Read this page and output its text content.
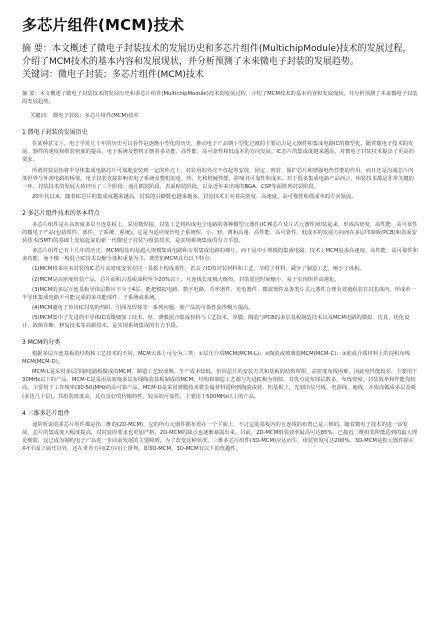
多芯片组件(MCM)技术

摘 要：本文概述了微电子封装技术的发展历史和多芯片组件(MultichipModule)技术的发展过程，介绍了MCM技术的基本内容和发展现状，并分析预测了未来微电子封装的发展趋势。

关键词：微电子封装；多芯片组件(MCM)技术

摘 要：本文概述了微电子封装技术的发展历史和多芯片组件(MultichipModule)技术的发展过程，介绍了MCM技术的基本内容和发展现状，并分析预测了未来微电子封装的发展趋势。

关键词： 微电子封装；多芯片组件(MCM)技术

1 微电子封装的发展历史

在某种意义上，电子学近几十年的历史可以看作是逐渐小型化的历史，推动电子产品朝小型化过渡的主要动力是元器件和集成电路IC的微型化。随着微电子技术的发展，器件的速度和组装密度的提高，电子系统及整机正朝着多功能、高性能、高可靠性和低成本的方向发展。IC芯片的集成度越来越高，对微电子封装技术提出了更高的要求。

所谓封装是指将半导体集成电路芯片可靠地安装到一定的外壳上，封装用的外壳不仅起着安放、固定、密封、保护芯片和增强电热性能的作用，而且还是沟通芯片内部世界与外部电路的桥梁。电子封装直接影响着电子系统及整机的电、热、光和机械性能，影响其可靠性和成本。对于很多集成电路产品而言，组装技术都是非常关键的一环。封装技术的发展大致经历了三个阶段：通孔插装阶段，表面贴装阶段，以及近年来出现的BGA、CSP等面阵列封装阶段。

20年代以来，随着IC芯片的集成度越来越高，封装的引脚数也越来越多，封装技术正向着高密度、高速度、高可靠性和低成本的方向发展。

2 多芯片组件技术的基本特点

多芯片组件是在高密度多层互连基板上，采用微焊接、封装工艺将构成电子电路的各种微型元器件(IC裸芯片及片式元器件)组装起来，形成高密度、高性能、高可靠性的微电子产品(包括组件、部件、子系统、系统)。它是为适应现代电子系统短、小、轻、薄和高速、高性能、高可靠性、低成本的发展方向而在多层印制板(PCB)和表面安装技术(SMT)的基础上发展起来的新一代微电子封装与组装技术，是实现系统集成的有力手段。

多芯片组件已有十几年的历史，MCM组装的是超大规模集成电路和专用集成电路的裸片，而不是中小规模的集成电路，技术上MCM追求高速度、高性能、高可靠性和多功能，而不像一般混合IC技术以缩小体积重量为主。典型的MCM具有以下特点：

(1)MCM将多块未封装的IC芯片高密度安装在同一基板上构成部件，省去了IC的封装材料和工艺，节约了材料，减少了制造工艺，缩小了体积。

(2)MCM是高密度组装产品，芯片面积占基板面积至少20%以上，互连线长度极大缩短，封装延迟时间缩小，易于实现组件高速化。

(3)MCM的多层互连基板导体层数应不少于4层，能把模拟电路、数字电路、功率器件、光电器件、微波器件及各类片式元器件合理有效地组装在封装体内，形成单一半导体集成电路不可能完成的多功能部件、子系统或系统。

(4)MCM避免了单块IC封装的热阻、引线及焊接等一系列问题，使产品的可靠性获得极大提高。

(5)MCM集中了先进的半导体IC的微细加工技术，厚、薄膜混合集成材料与工艺技术，厚膜、陶瓷与PCB的多层基板制造技术以及MCM电路的模拟、仿真、优化设计、故障诊断、修复技术等高新技术。是实现系统集成的有力手段。

3 MCM的分类

根据多层互连基板的结构和工艺技术的不同，MCM大体上可分为三类：①层压介质MCM(MCM-L)；②陶瓷或玻璃瓷MCM(MCM-C)；③硅或介质材料上的淀积布线MCM(MCM-D)。

MCM-L是采用多层印制电路板做成的MCM，制造工艺较成熟，生产成本较低，但因芯片的安装方式和基板的结构所限，高密度布线困难，因此电性能较差，主要用于30MHz以下的产品。MCM-C是采用高密度多层布线陶瓷基板制成的MCM，结构和制造工艺都与先进IC极为相似，其优点是布线层数多，布线密度、封装效率和性能均较高，主要用于工作频率(30-50)MHz的高可靠产品。MCM-D是采用薄膜技术将金属材料淀积到陶瓷或硅、铝基板上，光刻出信号线、电源线、地线，并依次做成多层基板(多达几十层)。其组装密度高，具有良好的传输特性，较高的可靠性，主要用于500MHz以上的产品。

4 三维多芯片组件

通常所说的多芯片组件都是指二维的(2D-MCM)，它的所有元器件都布置在一个平面上，不过它的基板内的互连线的布置已是三维的。随着微电子技术的进一步发展，芯片的集成度大幅度提高，对封装的要求也更加严格，2D-MCM的缺点也逐渐暴露出来。目前，2D-MCM组装效率最高可达85%，已接近二维组装所能达到的最大理论极限，这已成为制约电子产品进一步向前发展的主要障碍。为了改变这种状况，三维多芯片组件(3D-MCM)应运而生，组装密度可达200%。3D-MCM是指元器件除在X-Y平面上展开以外，还在垂直方向(Z方向)上排列，即3D-MCM，3D-MCM有以下的优越性。
